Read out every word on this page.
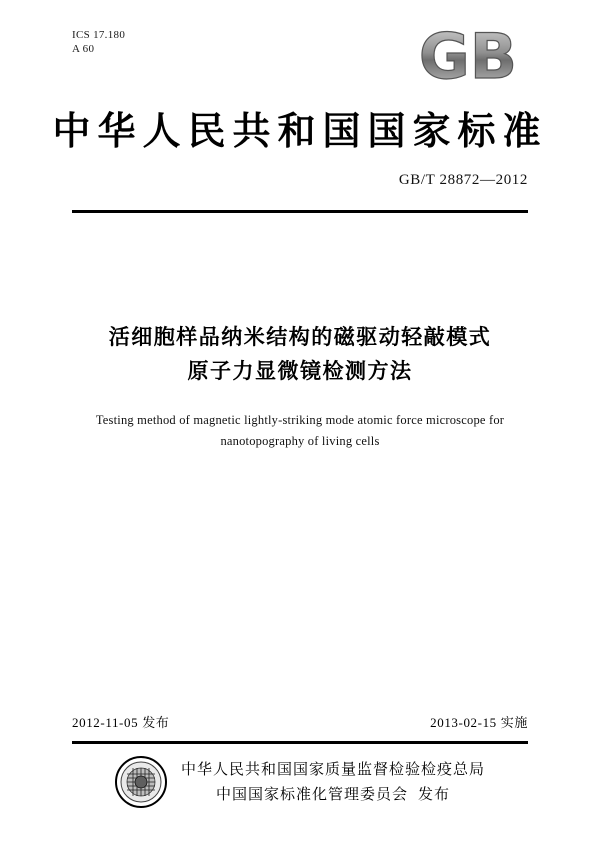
ICS 17.180
A 60	GB
中华人民共和国国家标准
GB/T 28872—2012
活细胞样品纳米结构的磁驱动轻敲模式
原子力显微镜检测方法
Testing method of magnetic lightly-striking mode atomic force microscope for
nanotopography of living cells
2012-11-05 发布	2013-02-15 实施
中华人民共和国国家质量监督检验检疫总局
中国国家标准化管理委员会 发布
